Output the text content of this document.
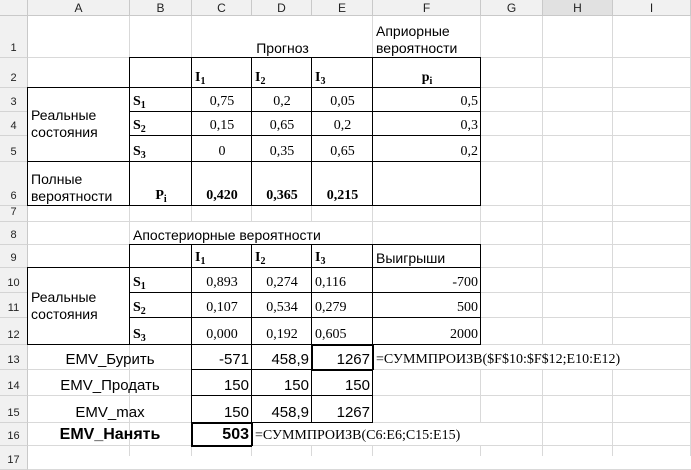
A	B	C	D	E	F	G	H	I
1
2
3
4
5
6
7
8
9
10
11
12
13
14
15
16
17
Прогноз
Априорные
вероятности
$I_1$	$I_2$	$I_3$	$p_i$
Реальные
состояния
$S_1$	0,75	0,2	0,05	0,5
$S_2$	0,15	0,65	0,2	0,3
$S_3$	0	0,35	0,65	0,2
Полные
вероятности	$P_i$	0,420 0,365 0,215
Апостериорные вероятности
$I_1$	$I_2$	$I_3$	Выигрыши
Реальные
состояния
$S_1$	0,893 0,274 0,116	-700
$S_2$	0,107 0,534 0,279	500
$S_3$	0,000 0,192 0,605	2000
EMV_Бурить	-571 458,9 1267 =СУММПРОИЗВ($F$10:$F$12;E10:E12)
EMV_Продать	150 150 150
EMV_max	150 458,9 1267
EMV_Нанять	503 =СУММПРОИЗВ(C6:E6;C15:E15)
